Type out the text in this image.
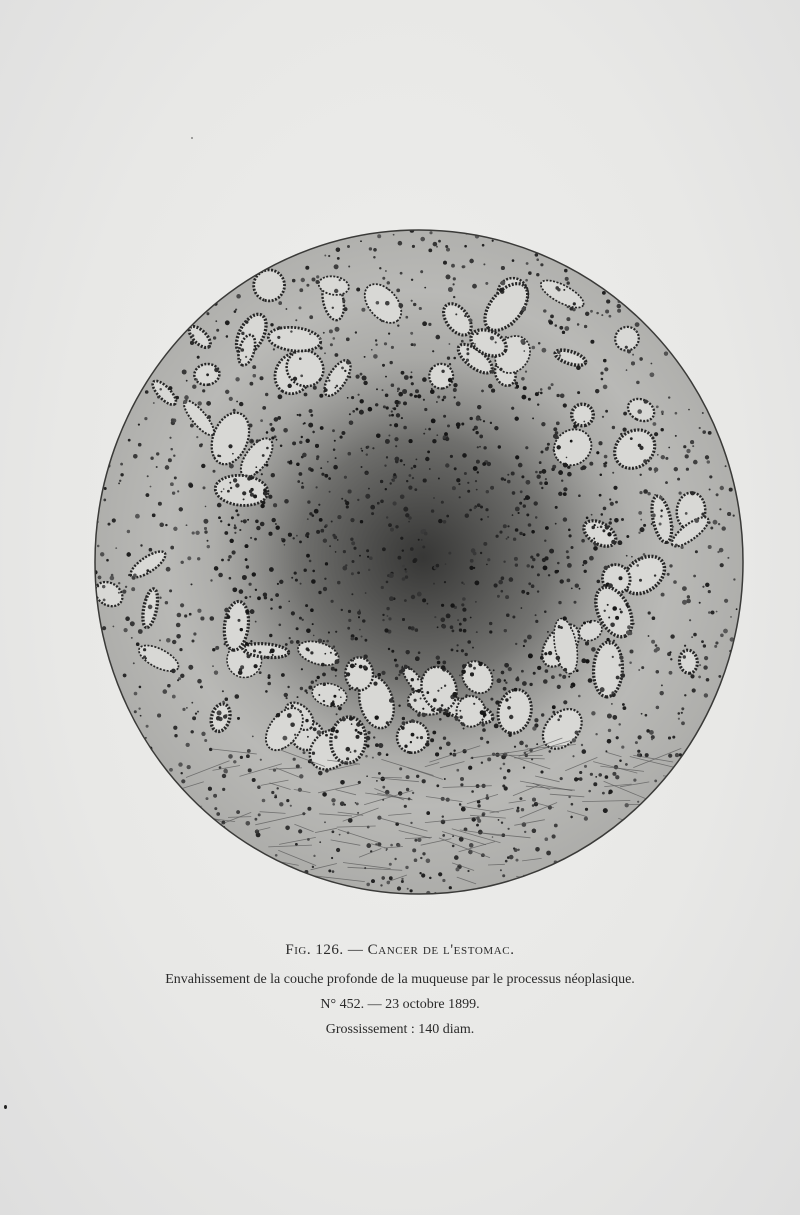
Fig. 126. — Cancer de l'estomac.
Envahissement de la couche profonde de la muqueuse par le processus néoplasique.
N° 452. — 23 octobre 1899.
Grossissement : 140 diam.
